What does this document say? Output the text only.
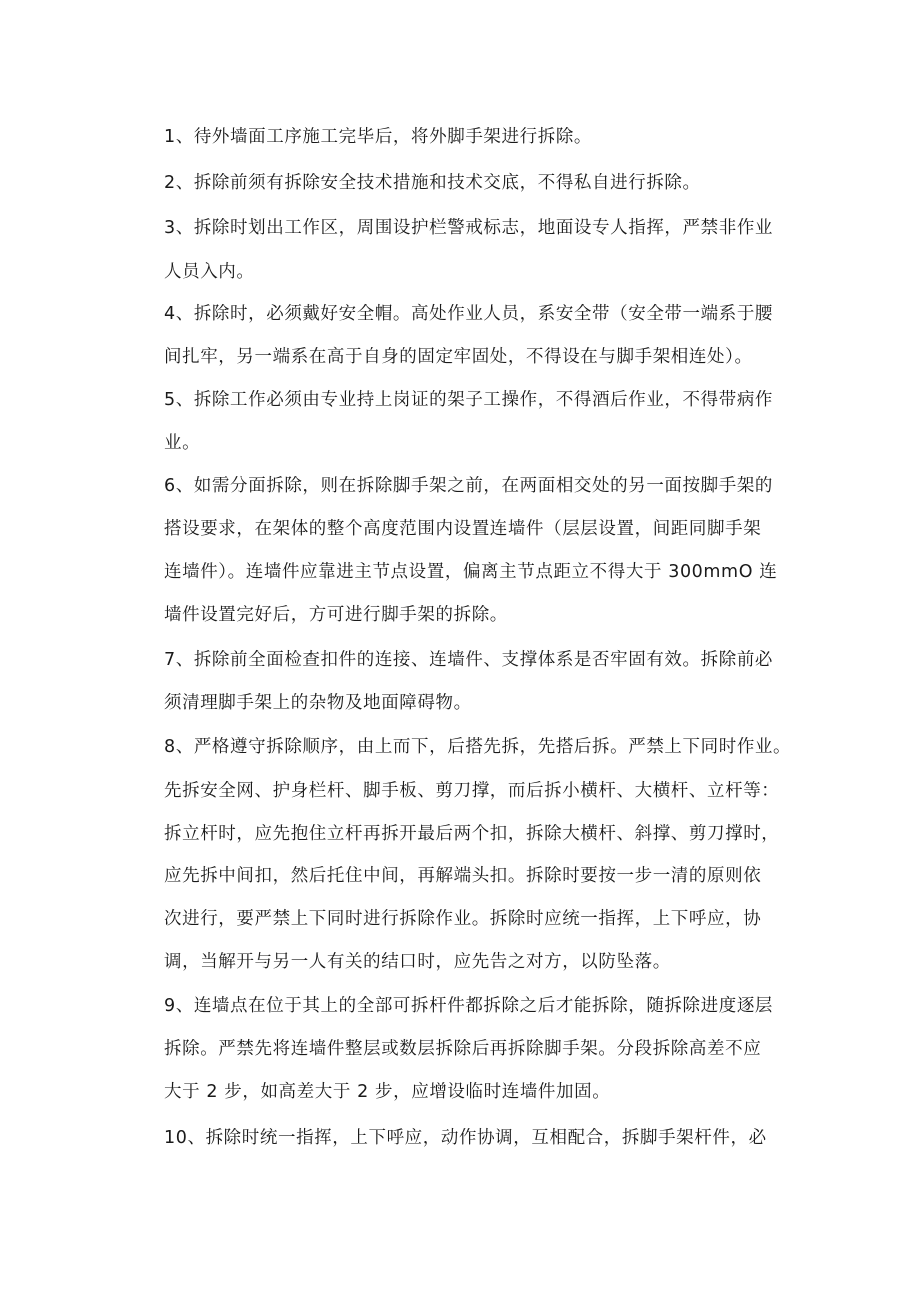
1、待外墙面工序施工完毕后，将外脚手架进行拆除。
2、拆除前须有拆除安全技术措施和技术交底，不得私自进行拆除。
3、拆除时划出工作区，周围设护栏警戒标志，地面设专人指挥，严禁非作业
人员入内。
4、拆除时，必须戴好安全帽。高处作业人员，系安全带（安全带一端系于腰
间扎牢，另一端系在高于自身的固定牢固处，不得设在与脚手架相连处）。
5、拆除工作必须由专业持上岗证的架子工操作，不得酒后作业，不得带病作
业。
6、如需分面拆除，则在拆除脚手架之前，在两面相交处的另一面按脚手架的
搭设要求，在架体的整个高度范围内设置连墙件（层层设置，间距同脚手架
连墙件）。连墙件应靠进主节点设置，偏离主节点距立不得大于 300mmO 连
墙件设置完好后，方可进行脚手架的拆除。
7、拆除前全面检查扣件的连接、连墙件、支撑体系是否牢固有效。拆除前必
须清理脚手架上的杂物及地面障碍物。
8、严格遵守拆除顺序，由上而下，后搭先拆，先搭后拆。严禁上下同时作业。
先拆安全网、护身栏杆、脚手板、剪刀撑，而后拆小横杆、大横杆、立杆等：
拆立杆时，应先抱住立杆再拆开最后两个扣，拆除大横杆、斜撑、剪刀撑时，
应先拆中间扣，然后托住中间，再解端头扣。拆除时要按一步一清的原则依
次进行，要严禁上下同时进行拆除作业。拆除时应统一指挥，上下呼应，协
调，当解开与另一人有关的结口时，应先告之对方，以防坠落。
9、连墙点在位于其上的全部可拆杆件都拆除之后才能拆除，随拆除进度逐层
拆除。严禁先将连墙件整层或数层拆除后再拆除脚手架。分段拆除高差不应
大于 2 步，如高差大于 2 步，应增设临时连墙件加固。
10、拆除时统一指挥，上下呼应，动作协调，互相配合，拆脚手架杆件，必
